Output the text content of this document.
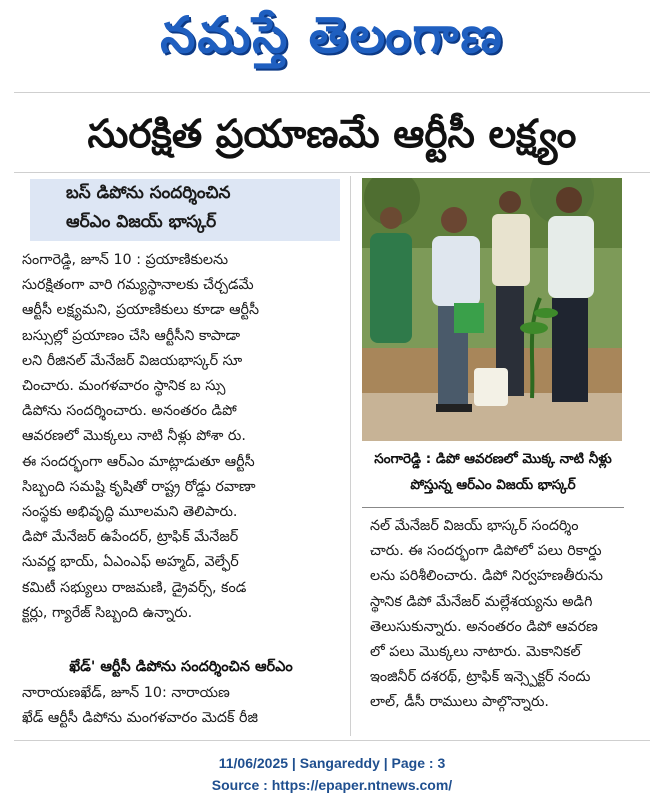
నమస్తే తెలంగాణ
సురక్షిత ప్రయాణమే ఆర్టీసీ లక్ష్యం
బస్ డిపోను సందర్శించిన
ఆర్ఎం విజయ్ భాస్కర్

సంగారెడ్డి, జూన్ 10 : ప్రయాణికులను

సురక్షితంగా వారి గమ్యస్థానాలకు చేర్చడమే

ఆర్టీసీ లక్ష్యమని, ప్రయాణికులు కూడా ఆర్టీసీ

బస్సుల్లో ప్రయాణం చేసి ఆర్టీసీని కాపాడా

లని రీజినల్ మేనేజర్ విజయభాస్కర్ సూ

చించారు. మంగళవారం స్థానిక బ స్సు

డిపోను సందర్శించారు. అనంతరం డిపో

ఆవరణలో మొక్కలు నాటి నీళ్లు పోశా రు.

ఈ సందర్భంగా ఆర్ఎం మాట్లాడుతూ ఆర్టీసీ

సిబ్బంది సమష్టి కృషితో రాష్ట్ర రోడ్డు రవాణా

సంస్థకు అభివృద్ధి మూలమని తెలిపారు.

డిపో మేనేజర్ ఉపేందర్, ట్రాఫిక్ మేనేజర్

సువర్ణ భాయ్, ఏఎంఎఫ్ అహ్మద్, వెల్ఫేర్

కమిటీ సభ్యులు రాజమణి, డ్రైవర్స్, కండ

క్టర్లు, గ్యారేజ్ సిబ్బంది ఉన్నారు.

ఖేడ్' ఆర్టీసీ డిపోను సందర్శించిన ఆర్ఎం

నారాయణఖేడ్, జూన్ 10: నారాయణ

ఖేడ్ ఆర్టీసీ డిపోను మంగళవారం మెదక్ రీజి

సంగారెడ్డి : డిపో ఆవరణలో మొక్క నాటి నీళ్లు
పోస్తున్న ఆర్ఎం విజయ్ భాస్కర్

నల్ మేనేజర్ విజయ్ భాస్కర్ సందర్శిం

చారు. ఈ సందర్భంగా డిపోలో పలు రికార్డు

లను పరిశీలించారు. డిపో నిర్వహణతీరును

స్థానిక డిపో మేనేజర్ మల్లేశయ్యను అడిగి

తెలుసుకున్నారు. అనంతరం డిపో ఆవరణ

లో పలు మొక్కలు నాటారు. మెకానికల్

ఇంజినీర్ దశరథ్, ట్రాఫిక్ ఇన్స్పెక్టర్ నందు

లాల్, డీసీ రాములు పాల్గొన్నారు.

11/06/2025 | Sangareddy | Page : 3
Source : https://epaper.ntnews.com/
